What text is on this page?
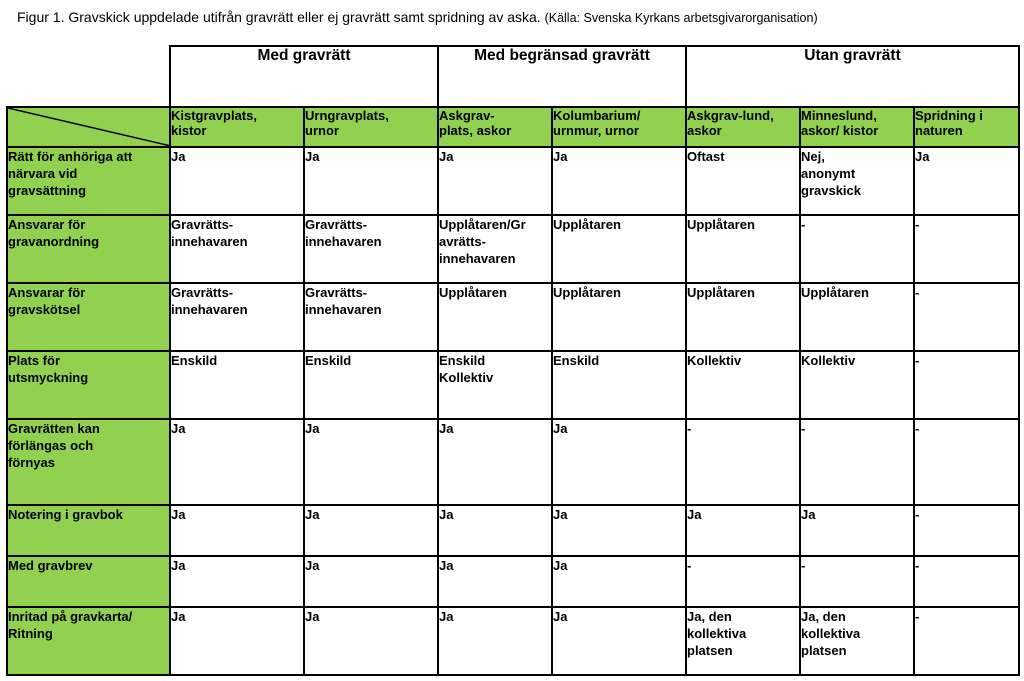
Figur 1. Gravskick uppdelade utifrån gravrätt eller ej gravrätt samt spridning av aska. (Källa: Svenska Kyrkans arbetsgivarorganisation)
	Med gravrätt		Med begränsad gravrätt		Utan gravrätt		

Kistgravplats,
kistor	Urngravplats,
urnor	Askgrav-
plats, askor	Kolumbarium/
urnmur, urnor	Askgrav-lund,
askor	Minneslund,
askor/ kistor	Spridning i
naturen

Rätt för anhöriga att
närvara vid
gravsättning	Ja	Ja	Ja	Ja	Oftast	Nej,
anonymt
gravskick	Ja

Ansvarar för
gravanordning	Gravrätts-
innehavaren	Gravrätts-
innehavaren	Upplåtaren/Gr
avrätts-
innehavaren	Upplåtaren	Upplåtaren	-	-

Ansvarar för
gravskötsel	Gravrätts-
innehavaren	Gravrätts-
innehavaren	Upplåtaren	Upplåtaren	Upplåtaren	Upplåtaren	-

Plats för
utsmyckning	Enskild	Enskild	Enskild
Kollektiv	Enskild	Kollektiv	Kollektiv	-

Gravrätten kan
förlängas och
förnyas	Ja	Ja	Ja	Ja	-	-	-

Notering i gravbok	Ja	Ja	Ja	Ja	Ja	Ja	-

Med gravbrev	Ja	Ja	Ja	Ja	-	-	-

Inritad på gravkarta/
Ritning	Ja	Ja	Ja	Ja	Ja, den
kollektiva
platsen	Ja, den
kollektiva
platsen	-
